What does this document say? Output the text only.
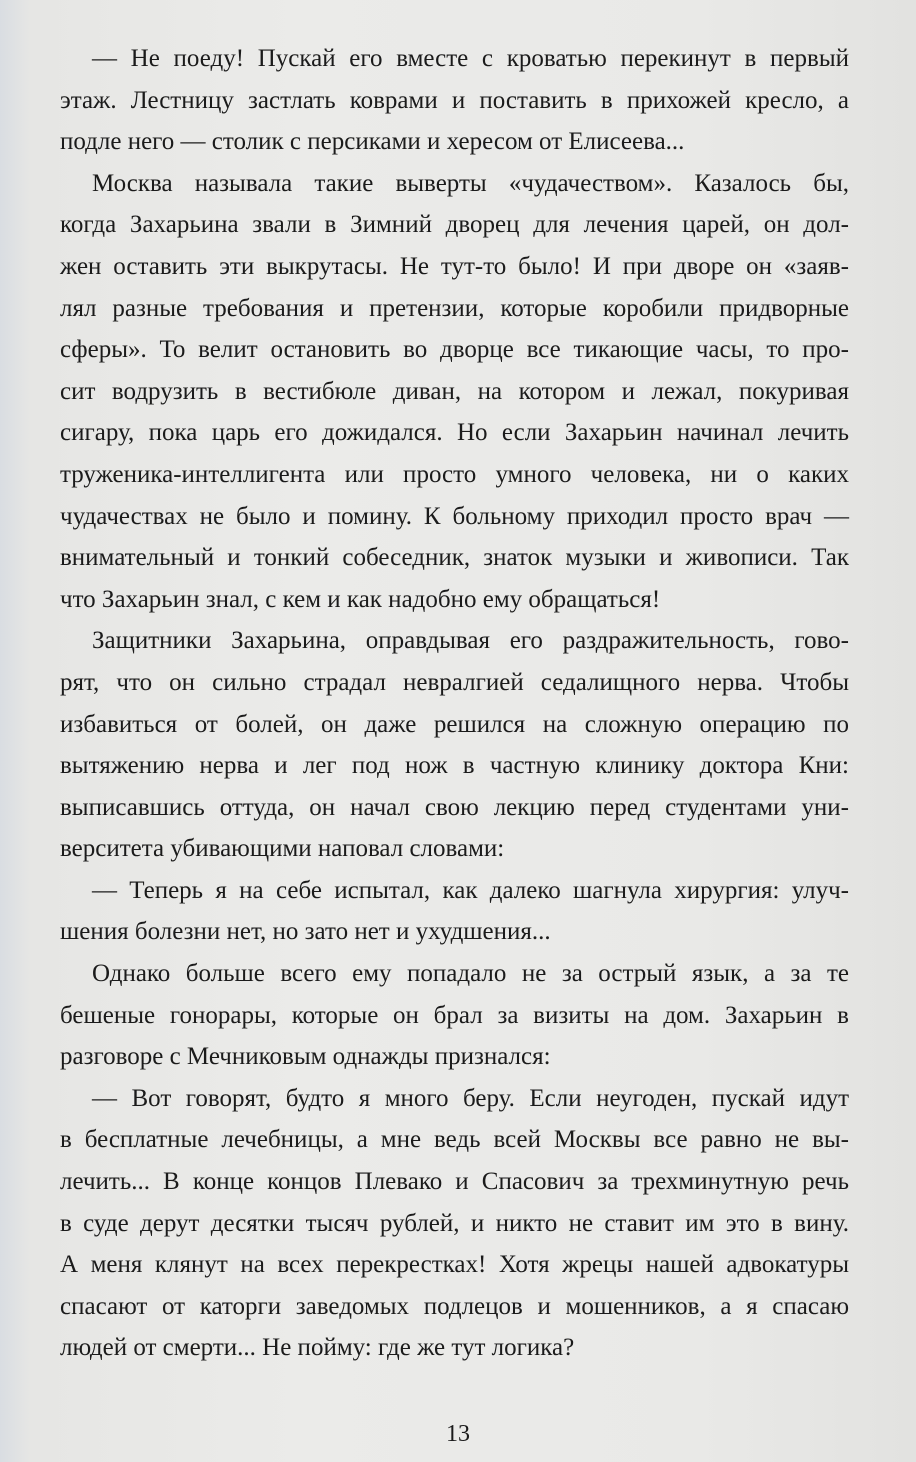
— Не поеду! Пускай его вместе с кроватью перекинут в первый
этаж. Лестницу застлать коврами и поставить в прихожей кресло, а
подле него — столик с персиками и хересом от Елисеева...
Москва называла такие выверты «чудачеством». Казалось бы,
когда Захарьина звали в Зимний дворец для лечения царей, он дол-
жен оставить эти выкрутасы. Не тут-то было! И при дворе он «заяв-
лял разные требования и претензии, которые коробили придворные
сферы». То велит остановить во дворце все тикающие часы, то про-
сит водрузить в вестибюле диван, на котором и лежал, покуривая
сигару, пока царь его дожидался. Но если Захарьин начинал лечить
труженика-интеллигента или просто умного человека, ни о каких
чудачествах не было и помину. К больному приходил просто врач —
внимательный и тонкий собеседник, знаток музыки и живописи. Так
что Захарьин знал, с кем и как надобно ему обращаться!
Защитники Захарьина, оправдывая его раздражительность, гово-
рят, что он сильно страдал невралгией седалищного нерва. Чтобы
избавиться от болей, он даже решился на сложную операцию по
вытяжению нерва и лег под нож в частную клинику доктора Кни:
выписавшись оттуда, он начал свою лекцию перед студентами уни-
верситета убивающими наповал словами:
— Теперь я на себе испытал, как далеко шагнула хирургия: улуч-
шения болезни нет, но зато нет и ухудшения...
Однако больше всего ему попадало не за острый язык, а за те
бешеные гонорары, которые он брал за визиты на дом. Захарьин в
разговоре с Мечниковым однажды признался:
— Вот говорят, будто я много беру. Если неугоден, пускай идут
в бесплатные лечебницы, а мне ведь всей Москвы все равно не вы-
лечить... В конце концов Плевако и Спасович за трехминутную речь
в суде дерут десятки тысяч рублей, и никто не ставит им это в вину.
А меня клянут на всех перекрестках! Хотя жрецы нашей адвокатуры
спасают от каторги заведомых подлецов и мошенников, а я спасаю
людей от смерти... Не пойму: где же тут логика?
13
